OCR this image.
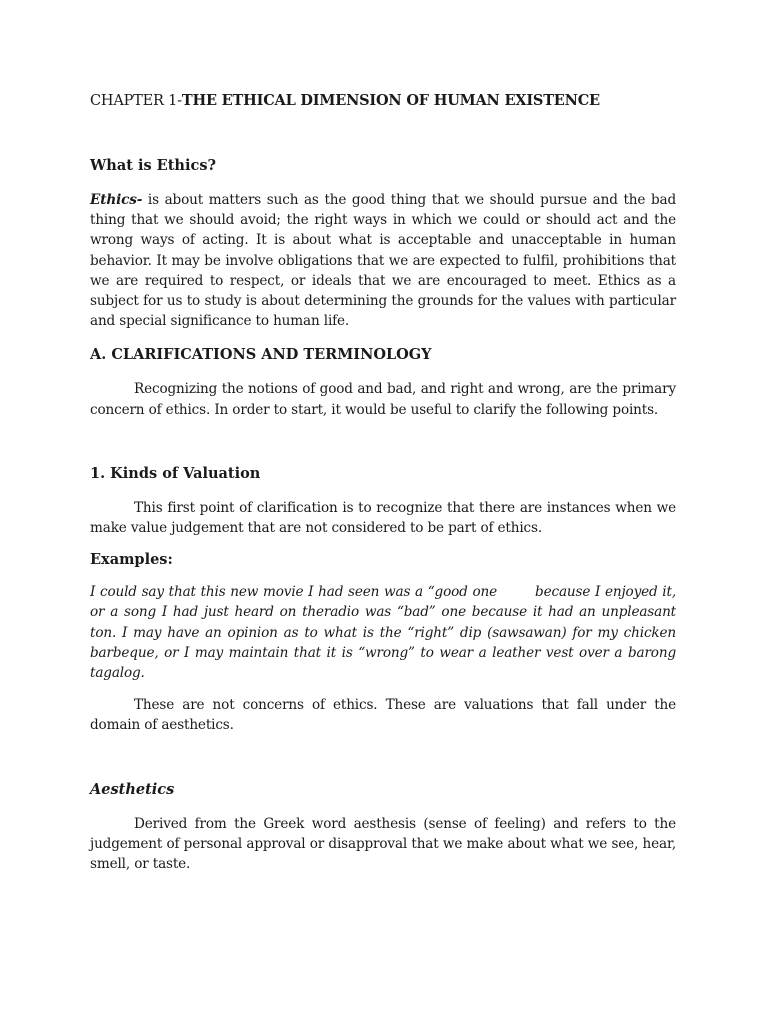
CHAPTER 1-THE ETHICAL DIMENSION OF HUMAN EXISTENCE
What is Ethics?

Ethics- is about matters such as the good thing that we should pursue and the bad thing that we should avoid; the right ways in which we could or should act and the wrong ways of acting. It is about what is acceptable and unacceptable in human behavior. It may be involve obligations that we are expected to fulfil, prohibitions that we are required to respect, or ideals that we are encouraged to meet. Ethics as a subject for us to study is about determining the grounds for the values with particular and special significance to human life.

A. CLARIFICATIONS AND TERMINOLOGY

Recognizing the notions of good and bad, and right and wrong, are the primary concern of ethics. In order to start, it would be useful to clarify the following points.

1. Kinds of Valuation

This first point of clarification is to recognize that there are instances when we make value judgement that are not considered to be part of ethics.

Examples:

I could say that this new movie I had seen was a “good one        because I enjoyed it, or a song I had just heard on theradio was “bad” one because it had an unpleasant ton. I may have an opinion as to what is the “right” dip (sawsawan) for my chicken barbeque, or I may maintain that it is “wrong” to wear a leather vest over a barong tagalog.

These are not concerns of ethics. These are valuations that fall under the domain of aesthetics.

Aesthetics

Derived from the Greek word aesthesis (sense of feeling) and refers to the judgement of personal approval or disapproval that we make about what we see, hear, smell, or taste.
